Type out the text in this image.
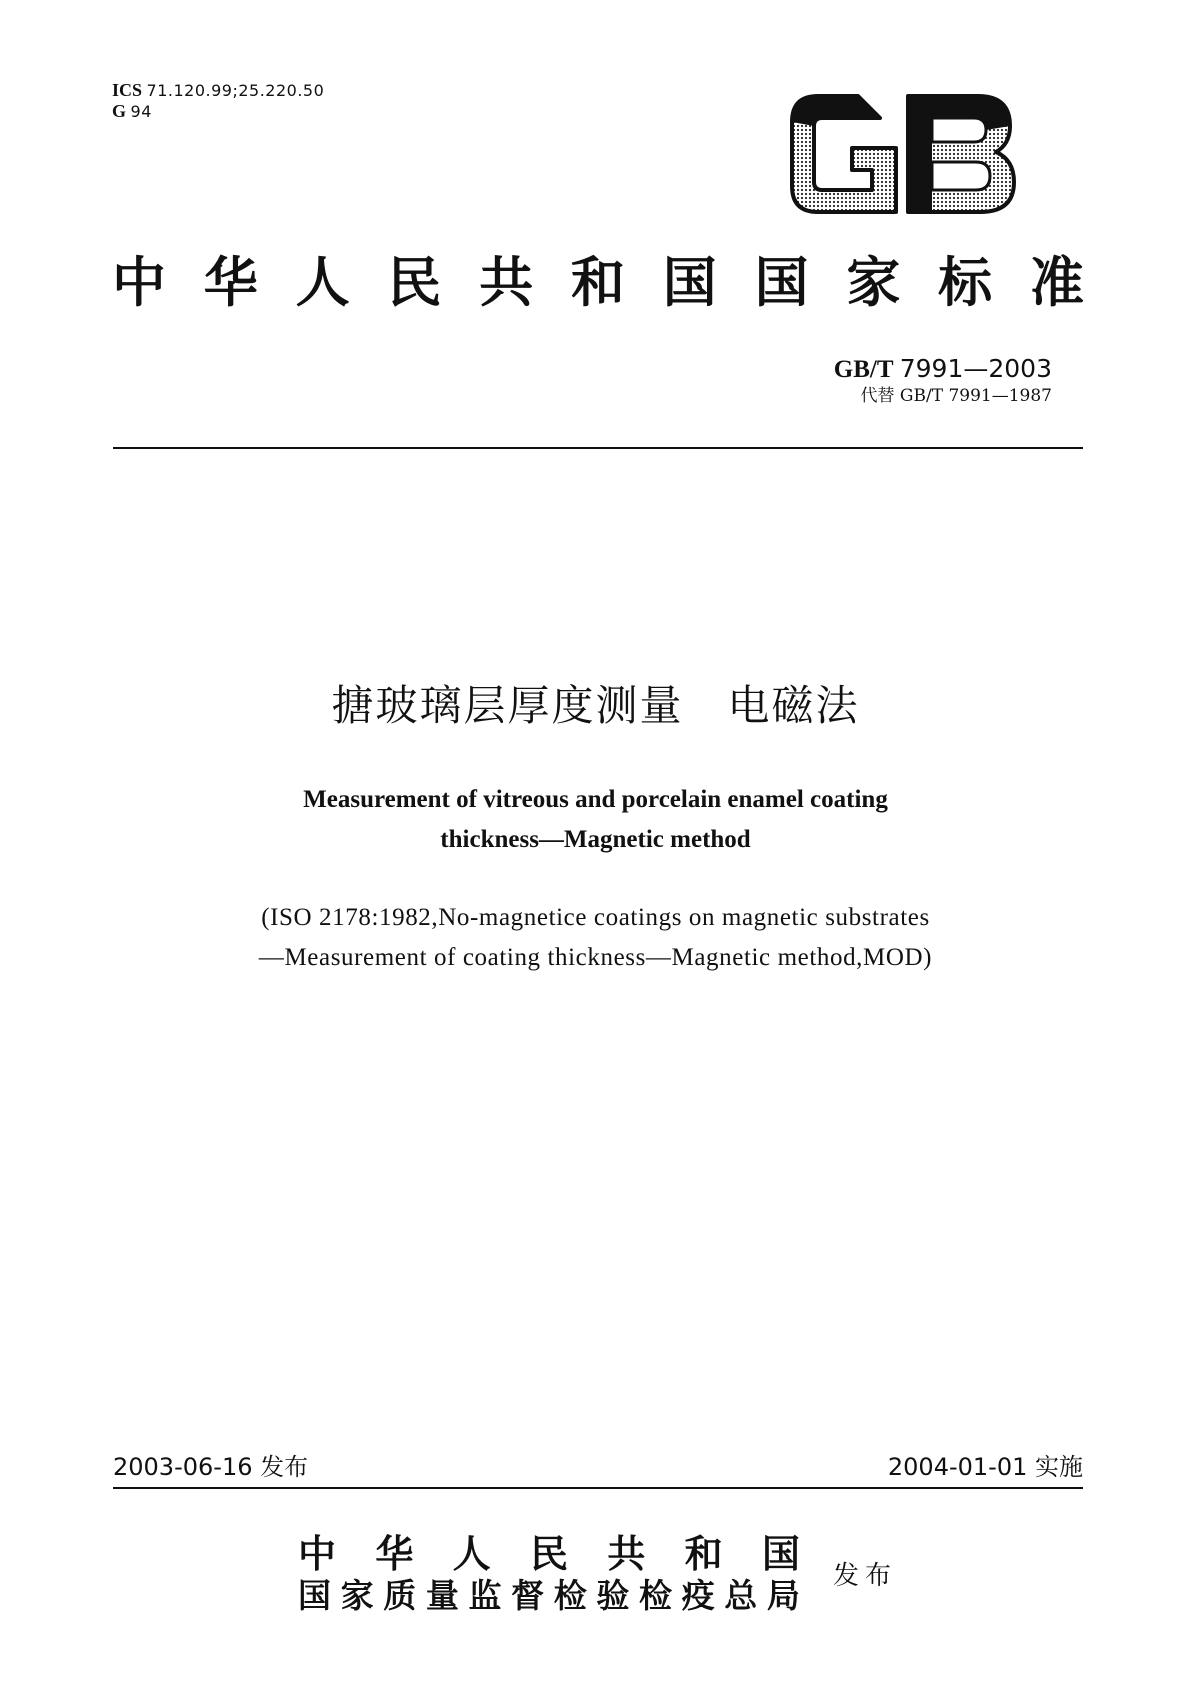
ICS 71.120.99;25.220.50
G 94
中 华 人 民 共 和 国 国 家 标 准
GB/T 7991—2003
代替 GB/T 7991—1987
搪玻璃层厚度测量　电磁法
Measurement of vitreous and porcelain enamel coating
thickness—Magnetic method
(ISO 2178:1982,No-magnetice coatings on magnetic substrates
—Measurement of coating thickness—Magnetic method,MOD)
2003-06-16 发布	2004-01-01 实施
中 华 人 民 共 和 国
国 家 质 量 监 督 检 验 检 疫 总 局 发布
